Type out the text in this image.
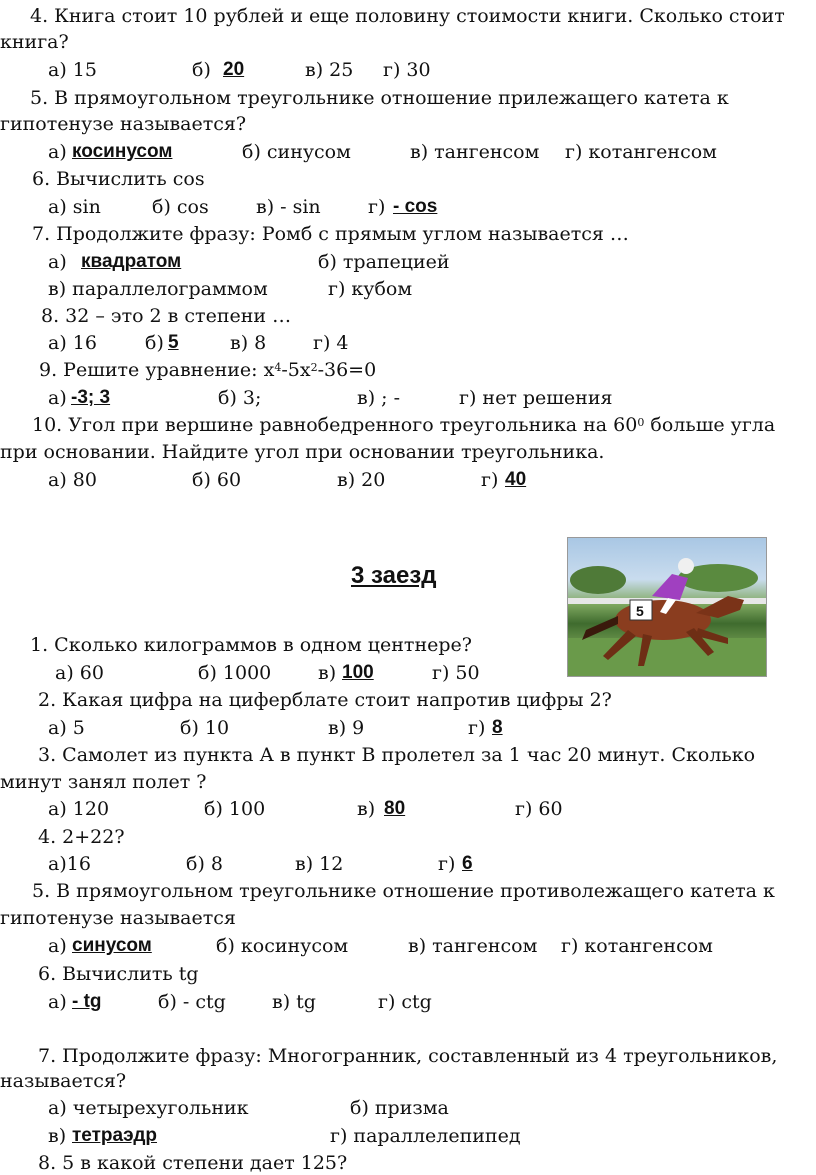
3 заезд
5
4. Книга стоит 10 рублей и еще половину стоимости книги. Сколько стоит
книга?
а) 15	б) 20	в) 25 г) 30
5. В прямоугольном треугольнике отношение прилежащего катета к
гипотенузе называется?
а) косинусом	б) синусом	в) тангенсом г) котангенсом
6. Вычислить cos
а) sin	б) cos в) - sin г) - cos
7. Продолжите фразу: Ромб с прямым углом называется …
а) квадратом	б) трапецией
в) параллелограммом	г) кубом
8. 32 – это 2 в степени …
а) 16	б) 5	в) 8 г) 4
9. Решите уравнение: $x^4-5x^2-36=0$
а) -3; 3	б) 3;	в) ; -	г) нет решения
10. Угол при вершине равнобедренного треугольника на $60^0$ больше угла
при основании. Найдите угол при основании треугольника.
а) 80	б) 60	в) 20	г) 40
1. Сколько килограммов в одном центнере?
а) 60	б) 1000 в) 100	г) 50
2. Какая цифра на циферблате стоит напротив цифры 2?
а) 5	б) 10	в) 9	г) 8
3. Самолет из пункта А в пункт В пролетел за 1 час 20 минут. Сколько
минут занял полет ?
а) 120	б) 100	в) 80	г) 60
4. 2+22?
а)16	б) 8	в) 12	г) 6
5. В прямоугольном треугольнике отношение противолежащего катета к
гипотенузе называется
а) синусом	б) косинусом	в) тангенсом г) котангенсом
6. Вычислить tg
а) - tg	б) - ctg в) tg	г) ctg
7. Продолжите фразу: Многогранник, составленный из 4 треугольников,
называется?
а) четырехугольник	б) призма
в) тетраэдр	г) параллелепипед
8. 5 в какой степени дает 125?
